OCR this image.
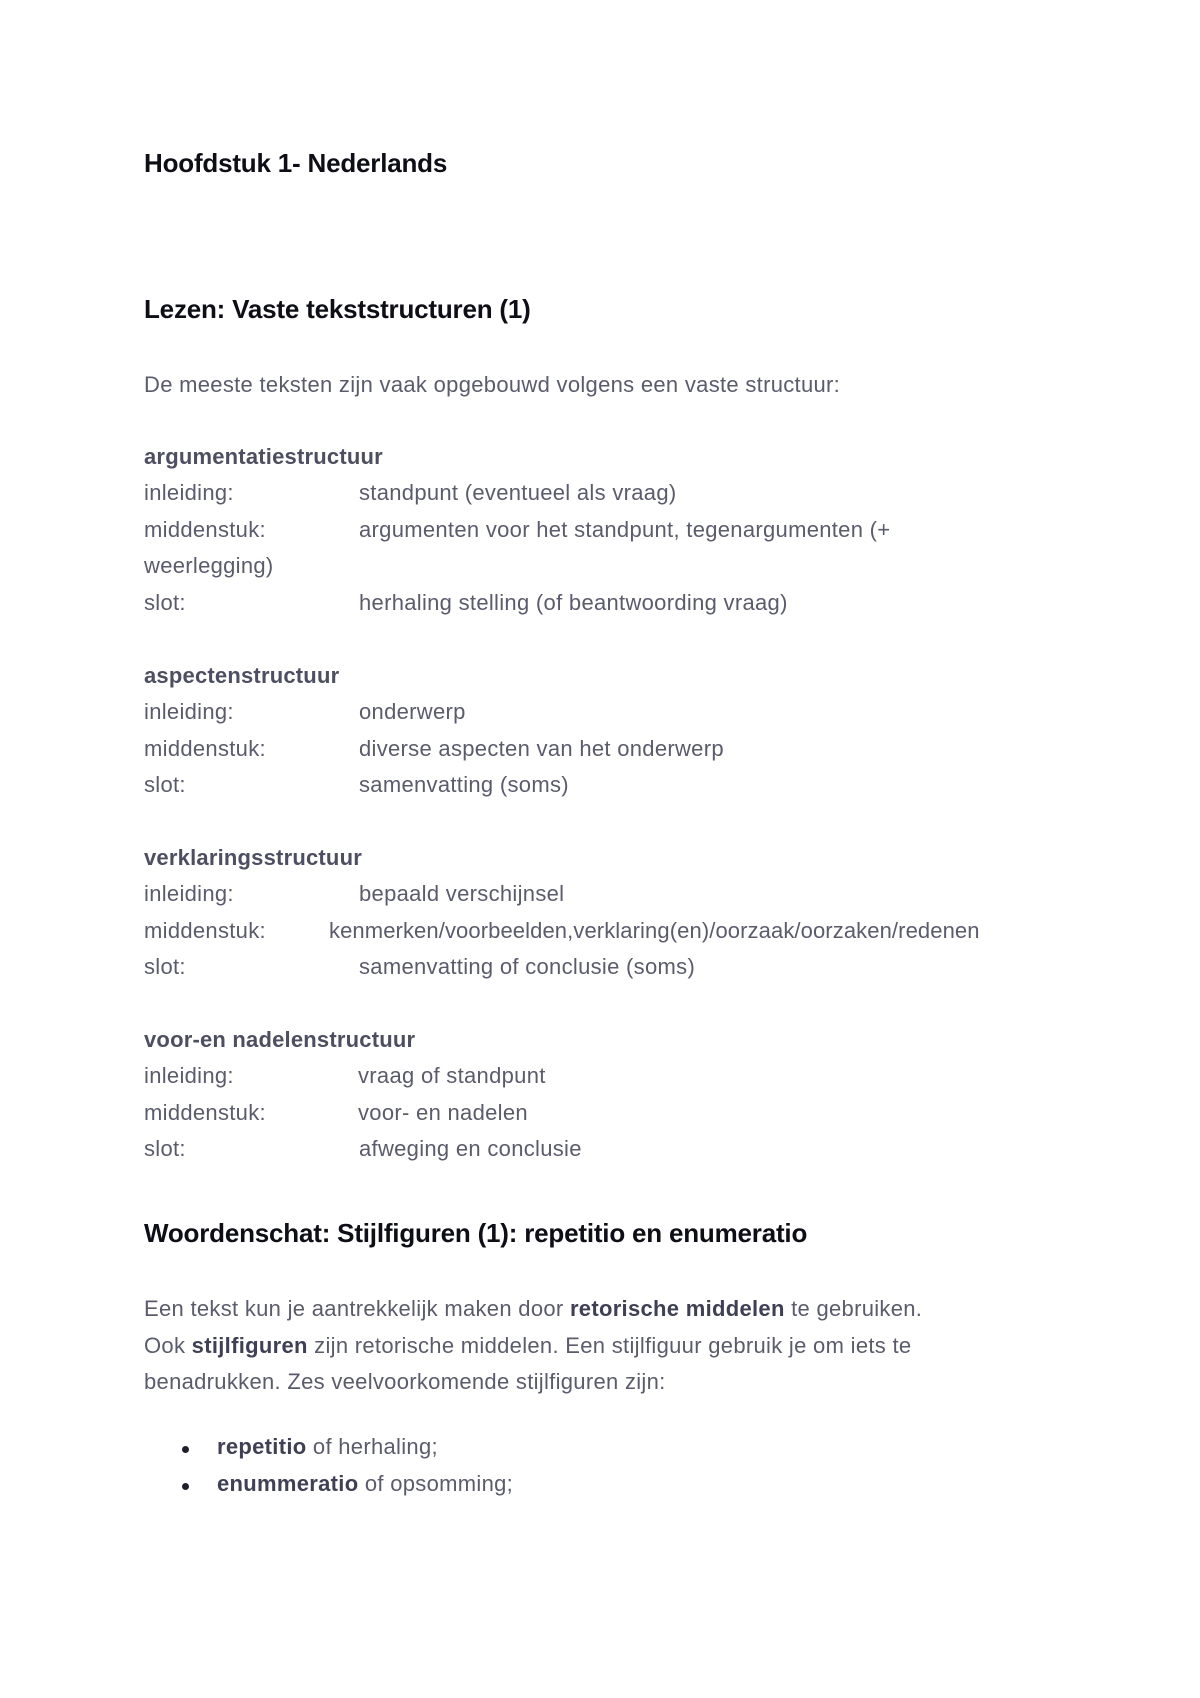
Hoofdstuk 1- Nederlands
Lezen: Vaste tekststructuren (1)
De meeste teksten zijn vaak opgebouwd volgens een vaste structuur:
argumentatiestructuur
inleiding:	standpunt (eventueel als vraag)
middenstuk:	argumenten voor het standpunt, tegenargumenten (+
weerlegging)
slot:	herhaling stelling (of beantwoording vraag)
aspectenstructuur
inleiding:	onderwerp
middenstuk:	diverse aspecten van het onderwerp
slot:	samenvatting (soms)
verklaringsstructuur
inleiding:	bepaald verschijnsel
middenstuk:	kenmerken/voorbeelden,verklaring(en)/oorzaak/oorzaken/redenen
slot:	samenvatting of conclusie (soms)
voor-en nadelenstructuur
inleiding:	vraag of standpunt
middenstuk:	voor- en nadelen
slot:	afweging en conclusie
Woordenschat: Stijlfiguren (1): repetitio en enumeratio
Een tekst kun je aantrekkelijk maken door retorische middelen te gebruiken.
Ook stijlfiguren zijn retorische middelen. Een stijlfiguur gebruik je om iets te
benadrukken. Zes veelvoorkomende stijlfiguren zijn:
repetitio of herhaling;
enummeratio of opsomming;
